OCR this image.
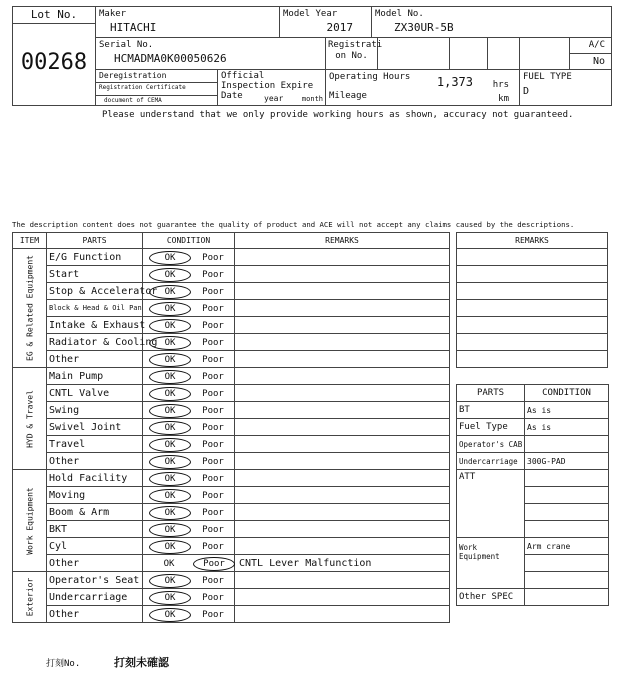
Lot No.
00268
Maker
HITACHI
Model Year
2017
Model No.
ZX30UR-5B
Serial No.
HCMADMA0K00050626
Registrati on No.
A/C
No
Deregistration
Registration Certificate
document of CEMA
Official Inspection Expire Date	year	month
Operating Hours 1,373 hrs
Mileage	km
FUEL TYPE
D
Please understand that we only provide working hours as shown, accuracy not guaranteed.
The description content does not guarantee the quality of product and ACE will not accept any claims caused by the descriptions.
ITEM	PARTS	CONDITION	REMARKS

EG & Related Equipment	E/G Function	OK Poor	

	Start	OK Poor	

	Stop & Accelerator	OK Poor	

	Block & Head & Oil Pan	OK Poor	

	Intake & Exhaust	OK Poor	

	Radiator & Cooling	OK Poor	

	Other	OK Poor	

HYD & Travel	Main Pump	OK Poor	

	CNTL Valve	OK Poor	

	Swing	OK Poor	

	Swivel Joint	OK Poor	

	Travel	OK Poor	

	Other	OK Poor	

Work Equipment	Hold Facility	OK Poor	

	Moving	OK Poor	

	Boom & Arm	OK Poor	

	BKT	OK Poor	

	Cyl	OK Poor	

	Other	OK Poor	CNTL Lever Malfunction

Exterior	Operator's Seat	OK Poor	

	Undercarriage	OK Poor	

	Other	OK Poor	

REMARKS

PARTS	CONDITION
BT	As is
Fuel Type	As is
Operator's CAB	
Undercarriage	300G-PAD
ATT	

Work Equipment	Arm crane

Other SPEC	
打刻No.	打刻未確認
